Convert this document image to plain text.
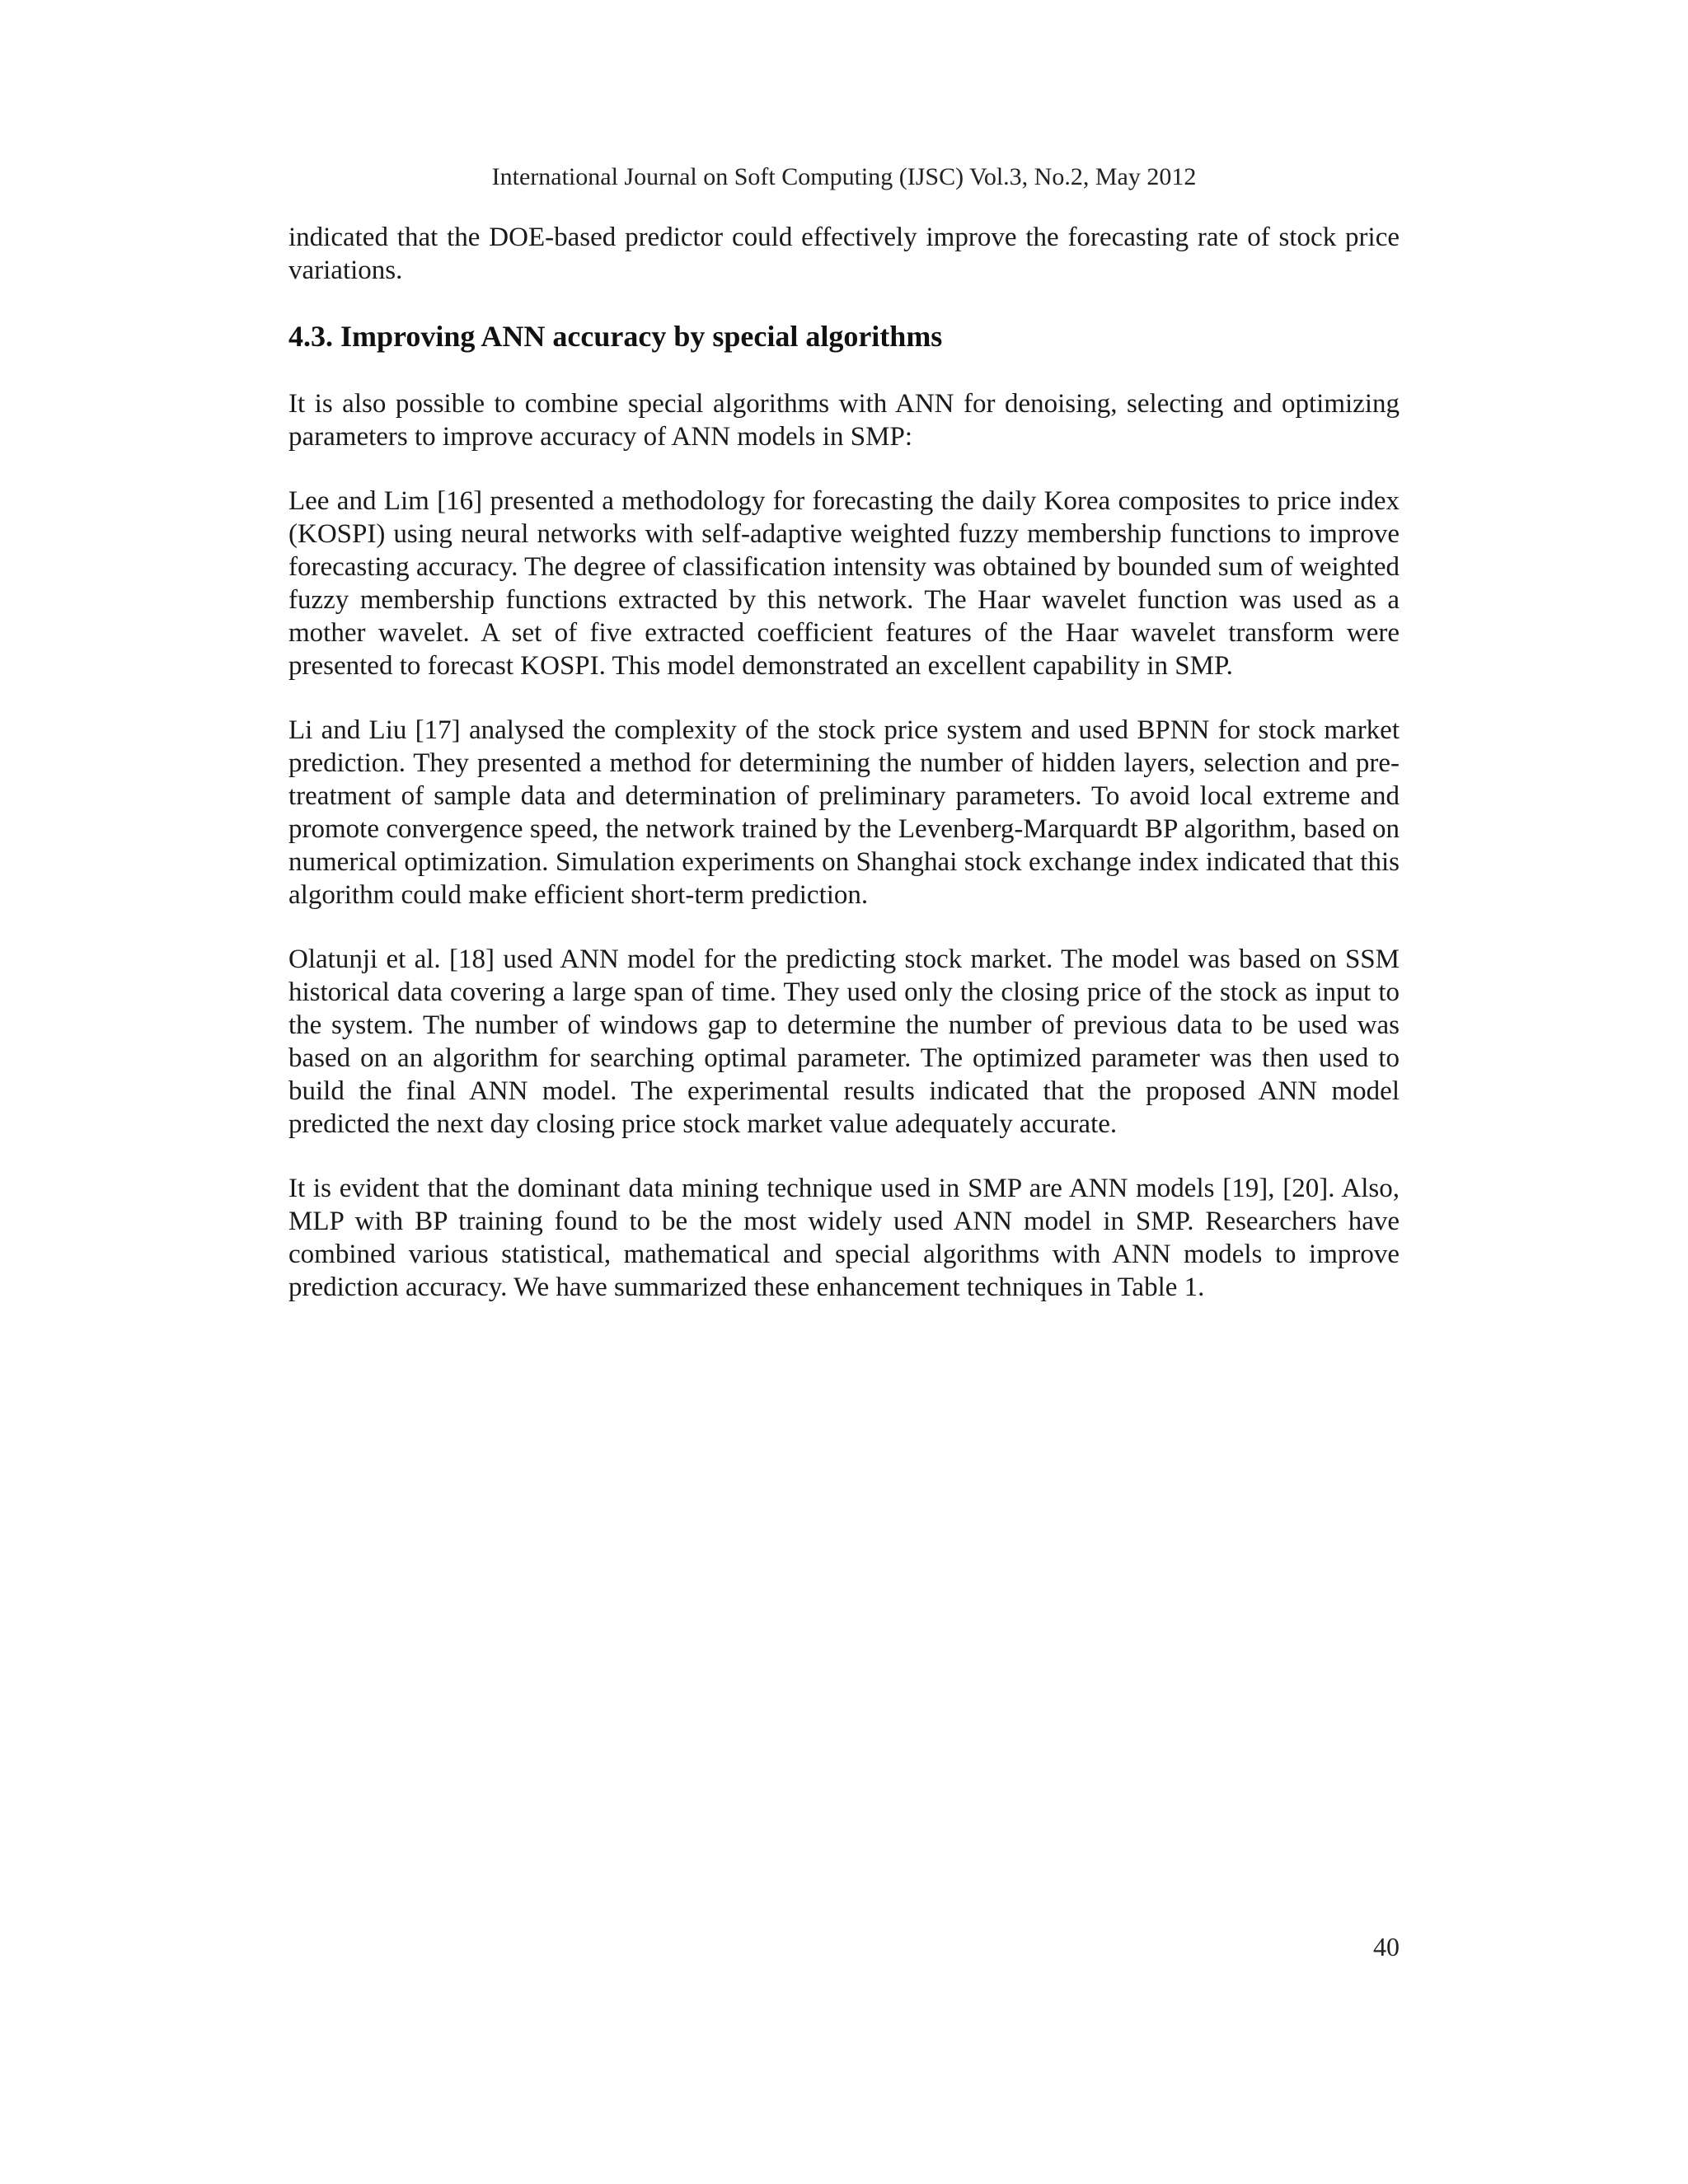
International Journal on Soft Computing (IJSC) Vol.3, No.2, May 2012

indicated that the DOE-based predictor could effectively improve the forecasting rate of stock price variations.

4.3. Improving ANN accuracy by special algorithms

It is also possible to combine special algorithms with ANN for denoising, selecting and optimizing parameters to improve accuracy of ANN models in SMP:

Lee and Lim [16] presented a methodology for forecasting the daily Korea composites to price index (KOSPI) using neural networks with self-adaptive weighted fuzzy membership functions to improve forecasting accuracy. The degree of classification intensity was obtained by bounded sum of weighted fuzzy membership functions extracted by this network. The Haar wavelet function was used as a mother wavelet. A set of five extracted coefficient features of the Haar wavelet transform were presented to forecast KOSPI. This model demonstrated an excellent capability in SMP.

Li and Liu [17] analysed the complexity of the stock price system and used BPNN for stock market prediction. They presented a method for determining the number of hidden layers, selection and pre-treatment of sample data and determination of preliminary parameters. To avoid local extreme and promote convergence speed, the network trained by the Levenberg-Marquardt BP algorithm, based on numerical optimization. Simulation experiments on Shanghai stock exchange index indicated that this algorithm could make efficient short-term prediction.

Olatunji et al. [18] used ANN model for the predicting stock market. The model was based on SSM historical data covering a large span of time. They used only the closing price of the stock as input to the system. The number of windows gap to determine the number of previous data to be used was based on an algorithm for searching optimal parameter. The optimized parameter was then used to build the final ANN model. The experimental results indicated that the proposed ANN model predicted the next day closing price stock market value adequately accurate.

It is evident that the dominant data mining technique used in SMP are ANN models [19], [20]. Also, MLP with BP training found to be the most widely used ANN model in SMP. Researchers have combined various statistical, mathematical and special algorithms with ANN models to improve prediction accuracy. We have summarized these enhancement techniques in Table 1.

40
